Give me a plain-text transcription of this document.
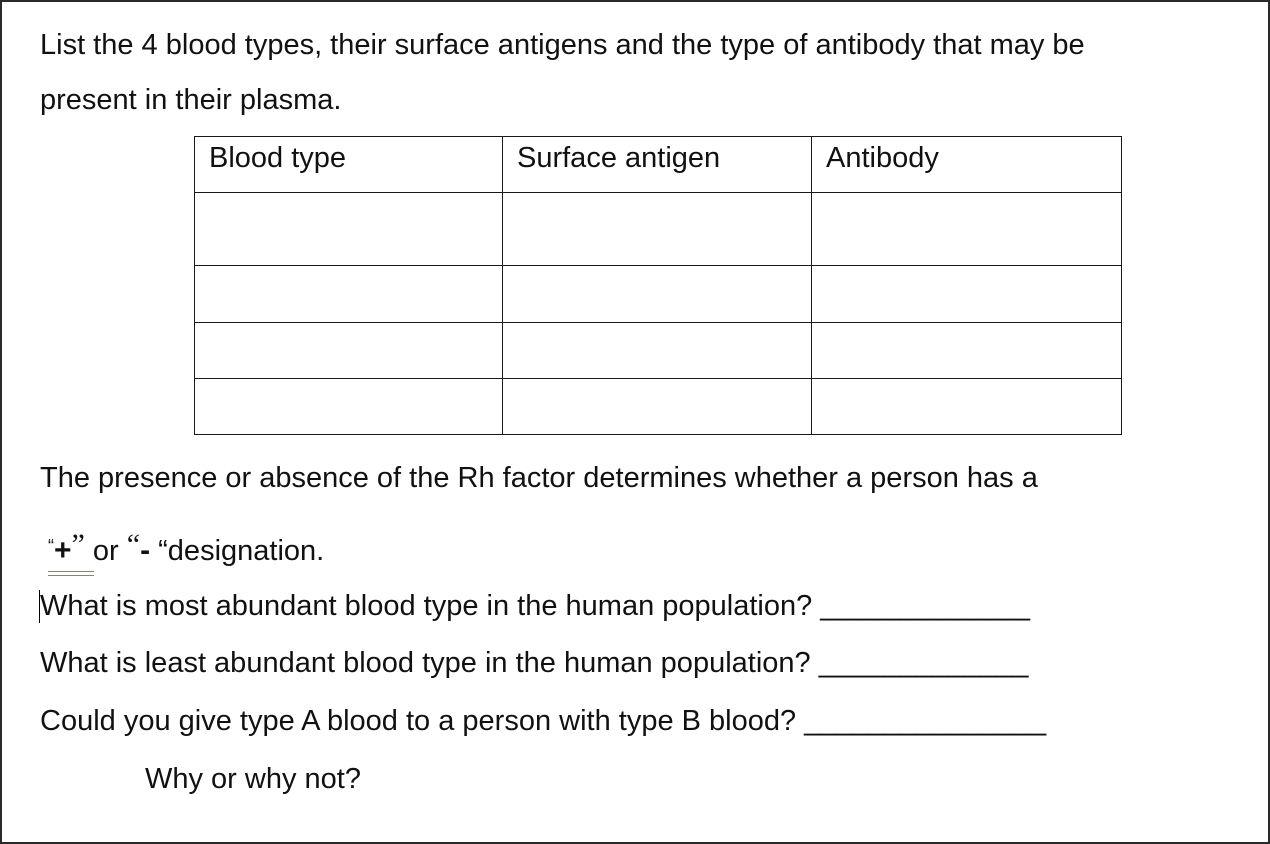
List the 4 blood types, their surface antigens and the type of antibody that may be
present in their plasma.
Blood type	Surface antigen	Antibody

The presence or absence of the Rh factor determines whether a person has a
“+”
or “- “designation.
What is most abundant blood type in the human population? _____________
What is least abundant blood type in the human population? _____________
Could you give type A blood to a person with type B blood? _______________
Why or why not?
